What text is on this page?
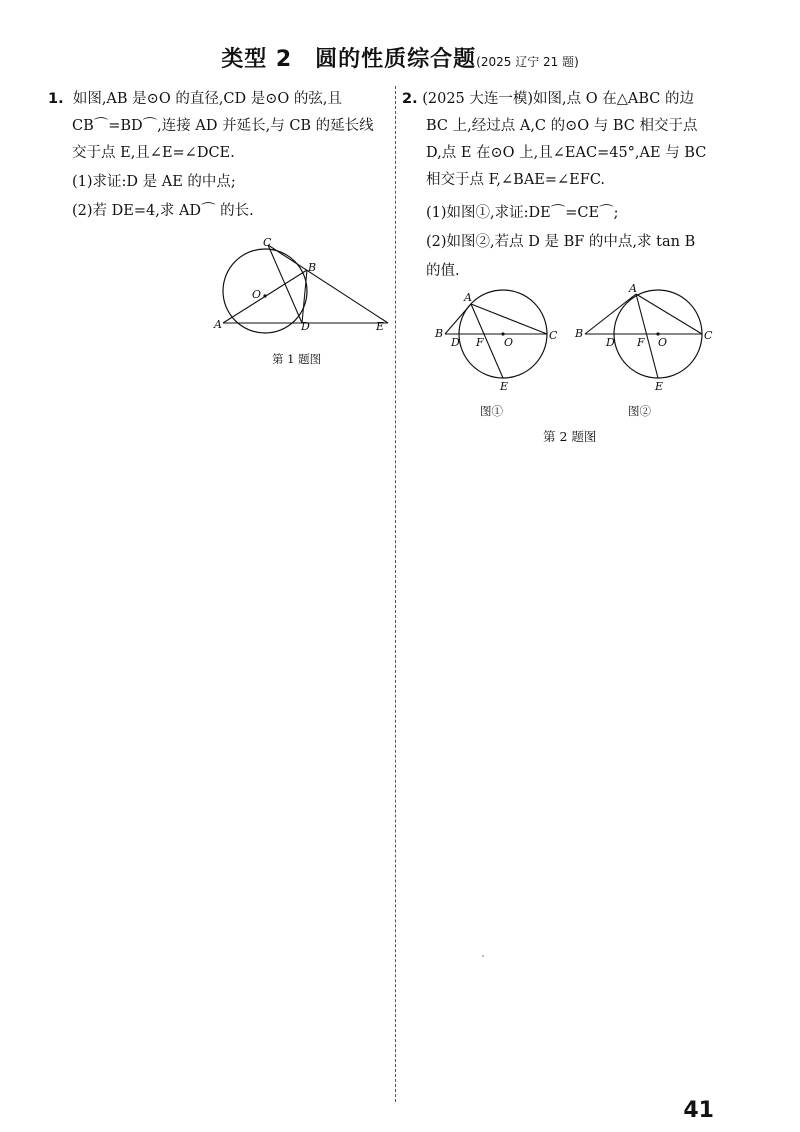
类型 2　圆的性质综合题(2025 辽宁 21 题)

1. 如图,AB 是⊙O 的直径,CD 是⊙O 的弦,且

CB⌒=BD⌒,连接 AD 并延长,与 CB 的延长线

交于点 E,且∠E=∠DCE.

(1)求证:D 是 AE 的中点;

(2)若 DE=4,求 AD⌒ 的长.

C
B
O
A	D	E
第 1 题图

2. (2025 大连一模)如图,点 O 在△ABC 的边

BC 上,经过点 A,C 的⊙O 与 BC 相交于点

D,点 E 在⊙O 上,且∠EAC=45°,AE 与 BC

相交于点 F,∠BAE=∠EFC.

(1)如图①,求证:DE⌒=CE⌒;

(2)如图②,若点 D 是 BF 的中点,求 tan B

的值.

A
B
D F O
C
E
图①
A
B
D F O
C
E
图②
第 2 题图
41
